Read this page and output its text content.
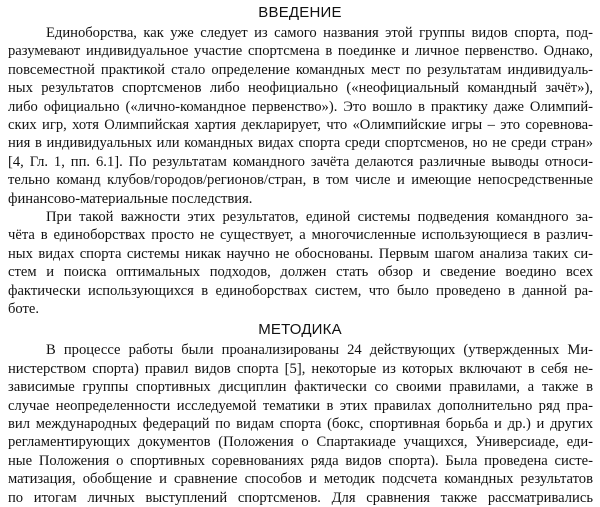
ВВЕДЕНИЕ
Единоборства, как уже следует из самого названия этой группы видов спорта, под-
разумевают индивидуальное участие спортсмена в поединке и личное первенство. Однако,
повсеместной практикой стало определение командных мест по результатам индивидуаль-
ных результатов спортсменов либо неофициально («неофициальный командный зачёт»),
либо официально («лично-командное первенство»). Это вошло в практику даже Олимпий-
ских игр, хотя Олимпийская хартия декларирует, что «Олимпийские игры – это соревнова-
ния в индивидуальных или командных видах спорта среди спортсменов, но не среди стран»
[4, Гл. 1, пп. 6.1]. По результатам командного зачёта делаются различные выводы относи-
тельно команд клубов/городов/регионов/стран, в том числе и имеющие непосредственные
финансово-материальные последствия.
При такой важности этих результатов, единой системы подведения командного за-
чёта в единоборствах просто не существует, а многочисленные использующиеся в различ-
ных видах спорта системы никак научно не обоснованы. Первым шагом анализа таких си-
стем и поиска оптимальных подходов, должен стать обзор и сведение воедино всех
фактически использующихся в единоборствах систем, что было проведено в данной ра-
боте.
МЕТОДИКА
В процессе работы были проанализированы 24 действующих (утвержденных Ми-
нистерством спорта) правил видов спорта [5], некоторые из которых включают в себя не-
зависимые группы спортивных дисциплин фактически со своими правилами, а также в
случае неопределенности исследуемой тематики в этих правилах дополнительно ряд пра-
вил международных федераций по видам спорта (бокс, спортивная борьба и др.) и других
регламентирующих документов (Положения о Спартакиаде учащихся, Универсиаде, еди-
ные Положения о спортивных соревнованиях ряда видов спорта). Была проведена систе-
матизация, обобщение и сравнение способов и методик подсчета командных результатов
по итогам личных выступлений спортсменов. Для сравнения также рассматривались
